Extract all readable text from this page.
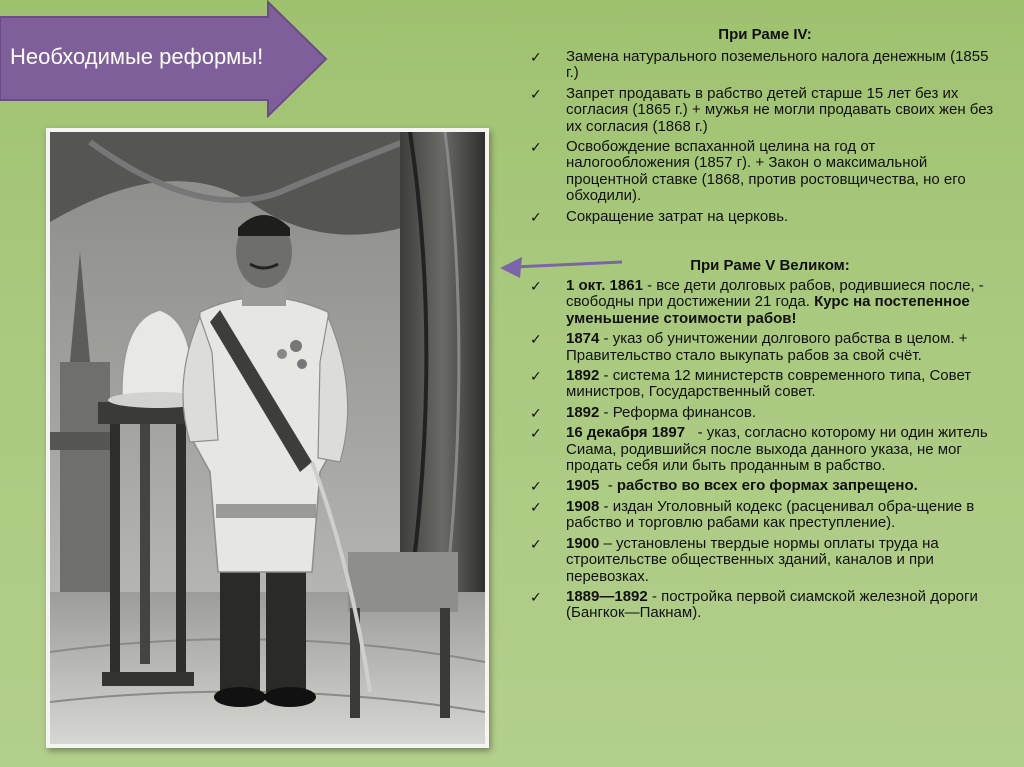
Необходимые реформы!
При Раме IV:
✓ Замена натурального поземельного налога денежным (1855 г.)
✓ Запрет продавать в рабство детей старше 15 лет без их согласия (1865 г.) + мужья не могли продавать своих жен без их согласия (1868 г.)
✓ Освобождение вспаханной целина на год от налогообложения (1857 г). + Закон о максимальной процентной ставке (1868, против ростовщичества, но его обходили).
✓ Сокращение затрат на церковь.
При Раме V Великом:
✓ 1 окт. 1861 - все дети долговых рабов, родившиеся после, - свободны при достижении 21 года. Курс на постепенное уменьшение стоимости рабов!
✓ 1874 - указ об уничтожении долгового рабства в целом. + Правительство стало выкупать рабов за свой счёт.
✓ 1892 - система 12 министерств современного типа, Совет министров, Государственный совет.
✓ 1892 - Реформа финансов.
✓ 16 декабря 1897   - указ, согласно которому ни один житель Сиама, родившийся после выхода данного указа, не мог продать себя или быть проданным в рабство.
✓ 1905  - рабство во всех его формах запрещено.
✓ 1908 - издан Уголовный кодекс (расценивал обра-щение в рабство и торговлю рабами как преступление).
✓ 1900 – установлены твердые нормы оплаты труда на строительстве общественных зданий, каналов и при перевозках.
✓ 1889—1892 - постройка первой сиамской железной дороги (Бангкок—Пакнам).
